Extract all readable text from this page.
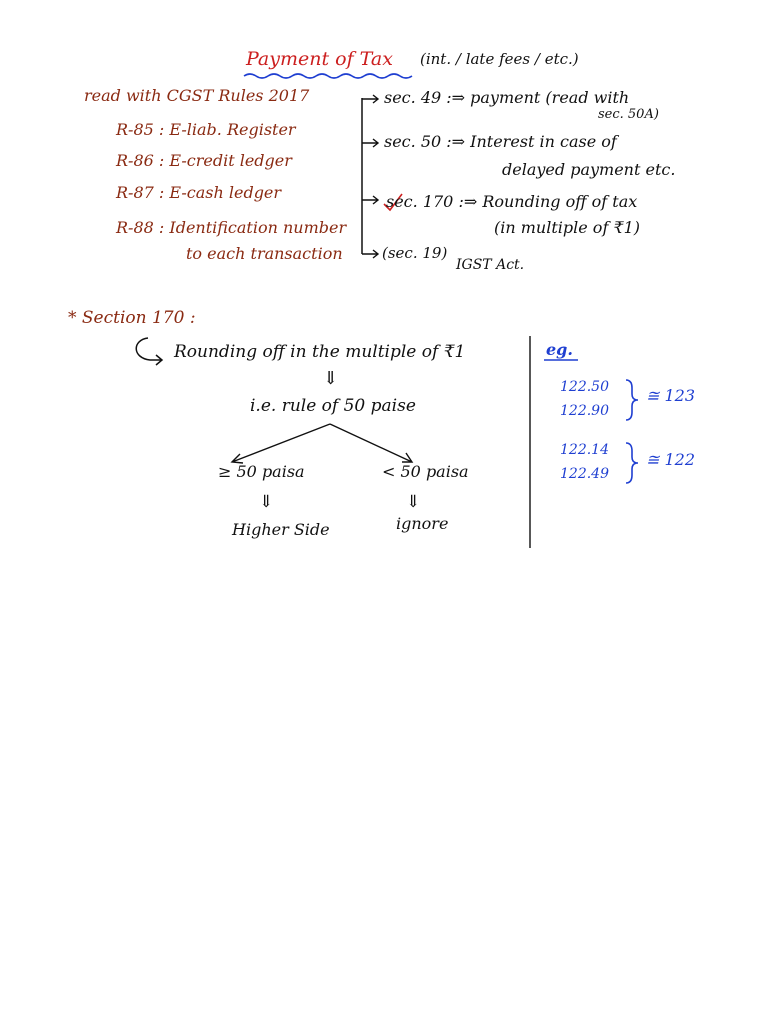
Payment of Tax (int. / late fees / etc.)
read with CGST Rules 2017
R-85 : E-liab. Register
R-86 : E-credit ledger
R-87 : E-cash ledger
R-88 : Identification number
to each transaction
sec. 49 :⇒ payment (read with
sec. 50A)
sec. 50 :⇒ Interest in case of
delayed payment etc.
sec. 170 :⇒ Rounding off of tax
(in multiple of ₹1)
(sec. 19)
IGST Act.
* Section 170 :
Rounding off in the multiple of ₹1
⇓
i.e. rule of 50 paise
≥ 50 paisa	< 50 paisa
⇓	⇓
Higher Side	ignore
eg.
122.50
122.90
≅ 123
122.14
122.49
≅ 122
